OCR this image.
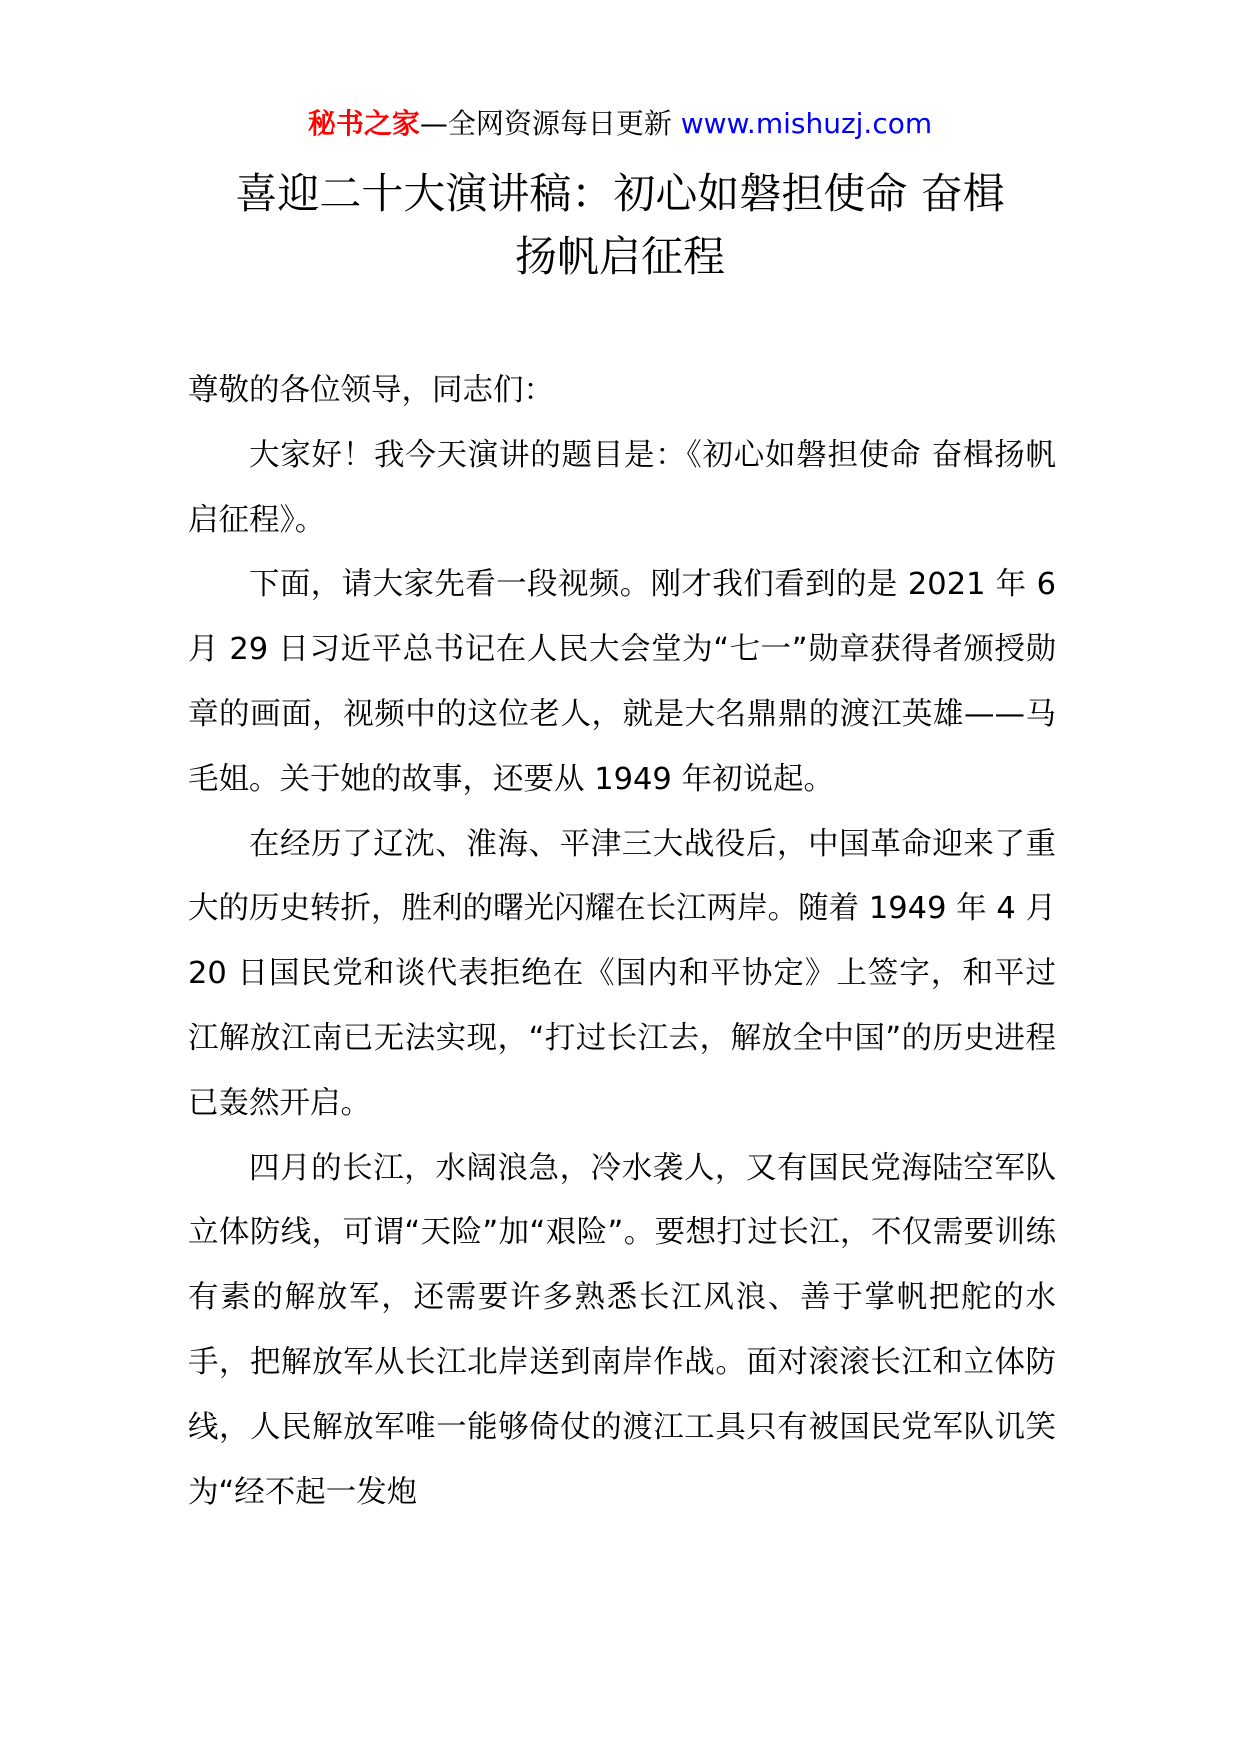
秘书之家—全网资源每日更新 www.mishuzj.com
喜迎二十大演讲稿：初心如磐担使命 奋楫
扬帆启征程

尊敬的各位领导，同志们：

大家好！我今天演讲的题目是：《初心如磐担使命 奋楫扬帆启征程》。

下面，请大家先看一段视频。刚才我们看到的是 2021 年 6 月 29 日习近平总书记在人民大会堂为“七一”勋章获得者颁授勋章的画面，视频中的这位老人，就是大名鼎鼎的渡江英雄——马毛姐。关于她的故事，还要从 1949 年初说起。

在经历了辽沈、淮海、平津三大战役后，中国革命迎来了重大的历史转折，胜利的曙光闪耀在长江两岸。随着 1949 年 4 月 20 日国民党和谈代表拒绝在《国内和平协定》上签字，和平过江解放江南已无法实现，“打过长江去，解放全中国”的历史进程已轰然开启。

四月的长江，水阔浪急，冷水袭人，又有国民党海陆空军队立体防线，可谓“天险”加“艰险”。要想打过长江，不仅需要训练有素的解放军，还需要许多熟悉长江风浪、善于掌帆把舵的水手，把解放军从长江北岸送到南岸作战。面对滚滚长江和立体防线，人民解放军唯一能够倚仗的渡江工具只有被国民党军队讥笑为“经不起一发炮
